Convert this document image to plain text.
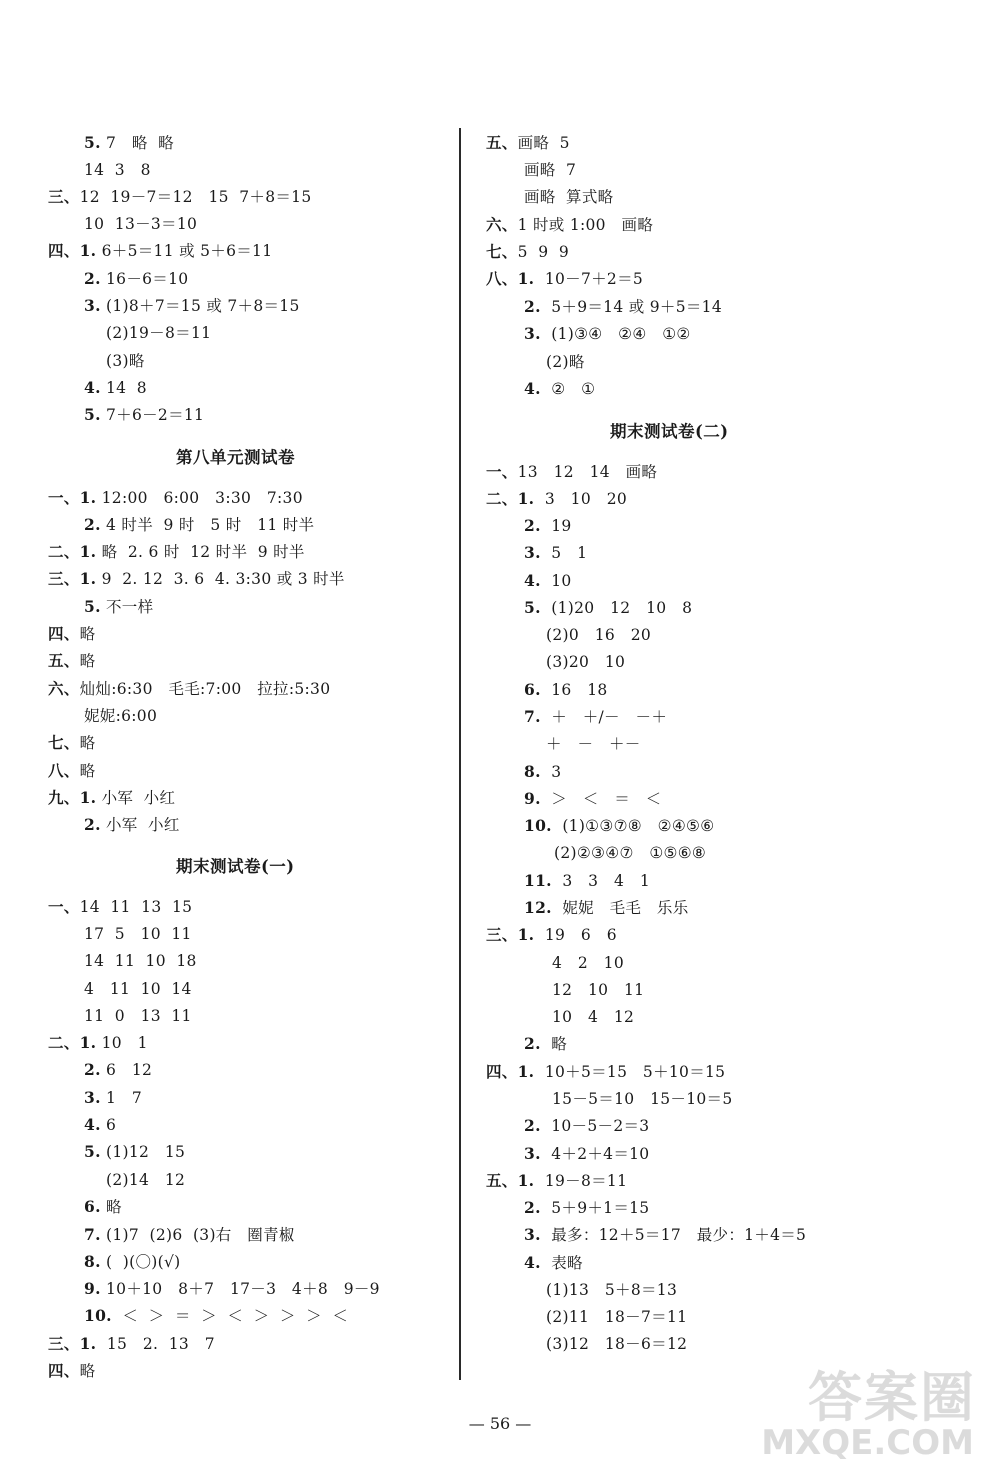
5. 7   略  略
14  3   8
三、12  19－7＝12   15  7＋8＝15
10  13－3＝10
四、1. 6＋5＝11 或 5＋6＝11
2. 16－6＝10
3. (1)8＋7＝15 或 7＋8＝15
(2)19－8＝11
(3)略
4. 14  8
5. 7＋6－2＝11
第八单元测试卷
一、1. 12:00   6:00   3:30   7:30
2. 4 时半  9 时   5 时   11 时半
二、1. 略  2. 6 时  12 时半  9 时半
三、1. 9  2. 12  3. 6  4. 3:30 或 3 时半
5. 不一样
四、略
五、略
六、灿灿:6:30   毛毛:7:00   拉拉:5:30
妮妮:6:00
七、略
八、略
九、1. 小军  小红
2. 小军  小红
期末测试卷(一)
一、14  11  13  15
17  5   10  11
14  11  10  18
4   11  10  14
11  0   13  11
二、1. 10   1
2. 6   12
3. 1   7
4. 6
5. (1)12   15
(2)14   12
6. 略
7. (1)7  (2)6  (3)右   圈青椒
8. (  )(〇)(√)
9. 10＋10   8＋7   17－3   4＋8   9－9
10.  ＜  ＞  ＝  ＞  ＜  ＞  ＞  ＞  ＜
三、1.  15   2.  13   7
四、略
五、画略  5
画略  7
画略  算式略
六、1 时或 1:00   画略
七、5  9  9
八、1.  10－7＋2＝5
2.  5＋9＝14 或 9＋5＝14
3.  (1)③④   ②④   ①②
(2)略
4.  ②   ①
期末测试卷(二)
一、13   12   14   画略
二、1.  3   10   20
2.  19
3.  5   1
4.  10
5.  (1)20   12   10   8
(2)0   16   20
(3)20   10
6.  16   18
7.  ＋   ＋/－   －＋
＋   －   ＋－
8.  3
9.  ＞   ＜   ＝   ＜
10.  (1)①③⑦⑧   ②④⑤⑥
(2)②③④⑦   ①⑤⑥⑧
11.  3   3   4   1
12.  妮妮   毛毛   乐乐
三、1.  19   6   6
4   2   10
12   10   11
10   4   12
2.  略
四、1.  10＋5＝15   5＋10＝15
15－5＝10   15－10＝5
2.  10－5－2＝3
3.  4＋2＋4＝10
五、1.  19－8＝11
2.  5＋9＋1＝15
3.  最多：12＋5＝17   最少：1＋4＝5
4.  表略
(1)13   5＋8＝13
(2)11   18－7＝11
(3)12   18－6＝12
— 56 —	答案圈
MXQE.COM
